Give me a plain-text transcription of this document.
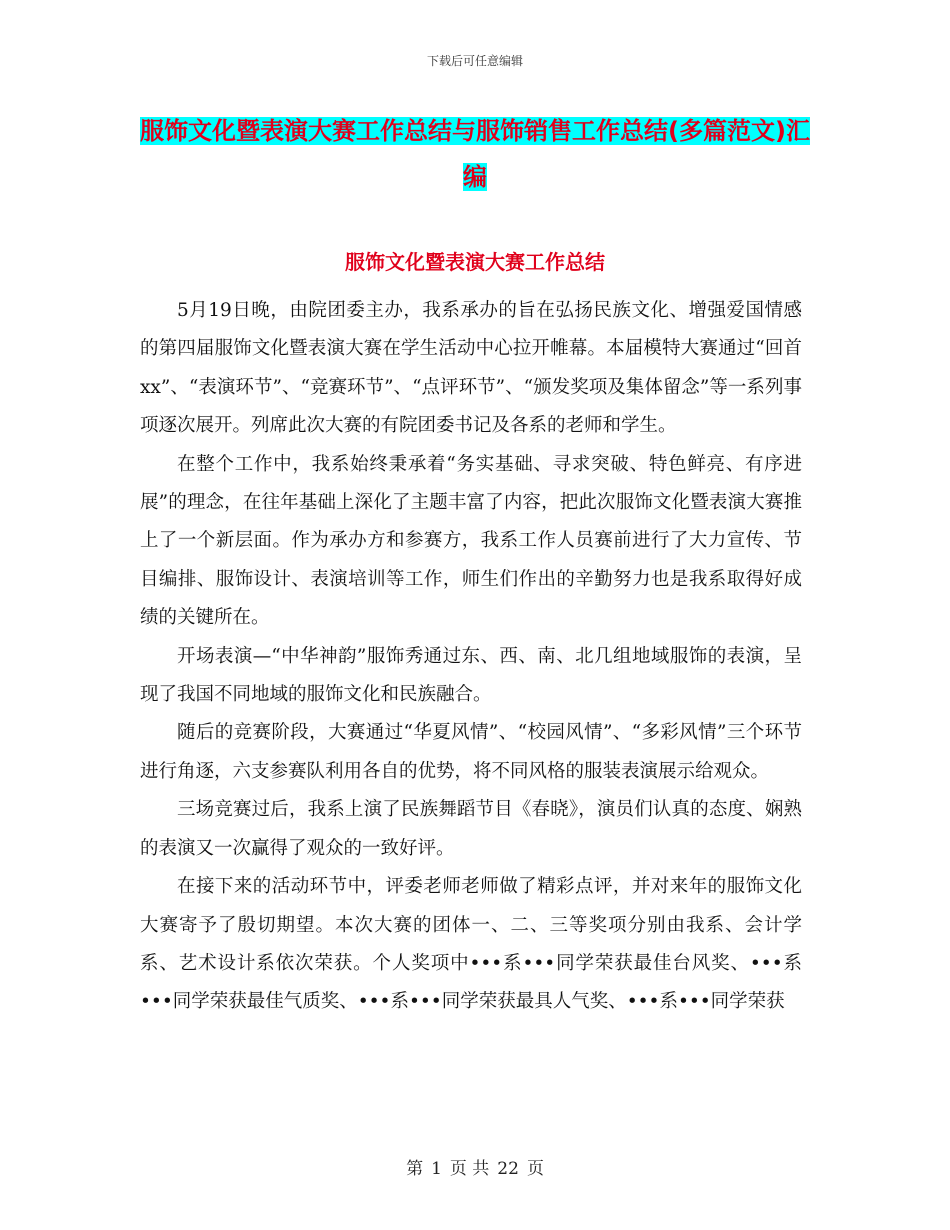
下载后可任意编辑
服饰文化暨表演大赛工作总结与服饰销售工作总结(多篇范文)汇编
服饰文化暨表演大赛工作总结

5月19日晚，由院团委主办，我系承办的旨在弘扬民族文化、增强爱国情感的第四届服饰文化暨表演大赛在学生活动中心拉开帷幕。本届模特大赛通过“回首xx”、“表演环节”、“竞赛环节”、“点评环节”、“颁发奖项及集体留念”等一系列事项逐次展开。列席此次大赛的有院团委书记及各系的老师和学生。

在整个工作中，我系始终秉承着“务实基础、寻求突破、特色鲜亮、有序进展”的理念，在往年基础上深化了主题丰富了内容，把此次服饰文化暨表演大赛推上了一个新层面。作为承办方和参赛方，我系工作人员赛前进行了大力宣传、节目编排、服饰设计、表演培训等工作，师生们作出的辛勤努力也是我系取得好成绩的关键所在。

开场表演—“中华神韵”服饰秀通过东、西、南、北几组地域服饰的表演，呈现了我国不同地域的服饰文化和民族融合。

随后的竞赛阶段，大赛通过“华夏风情”、“校园风情”、“多彩风情”三个环节进行角逐，六支参赛队利用各自的优势，将不同风格的服装表演展示给观众。

三场竞赛过后，我系上演了民族舞蹈节目《春晓》，演员们认真的态度、娴熟的表演又一次赢得了观众的一致好评。

在接下来的活动环节中，评委老师老师做了精彩点评，并对来年的服饰文化大赛寄予了殷切期望。本次大赛的团体一、二、三等奖项分别由我系、会计学系、艺术设计系依次荣获。个人奖项中•••系•••同学荣获最佳台风奖、•••系•••同学荣获最佳气质奖、•••系•••同学荣获最具人气奖、•••系•••同学荣获

第 1 页 共 22 页
